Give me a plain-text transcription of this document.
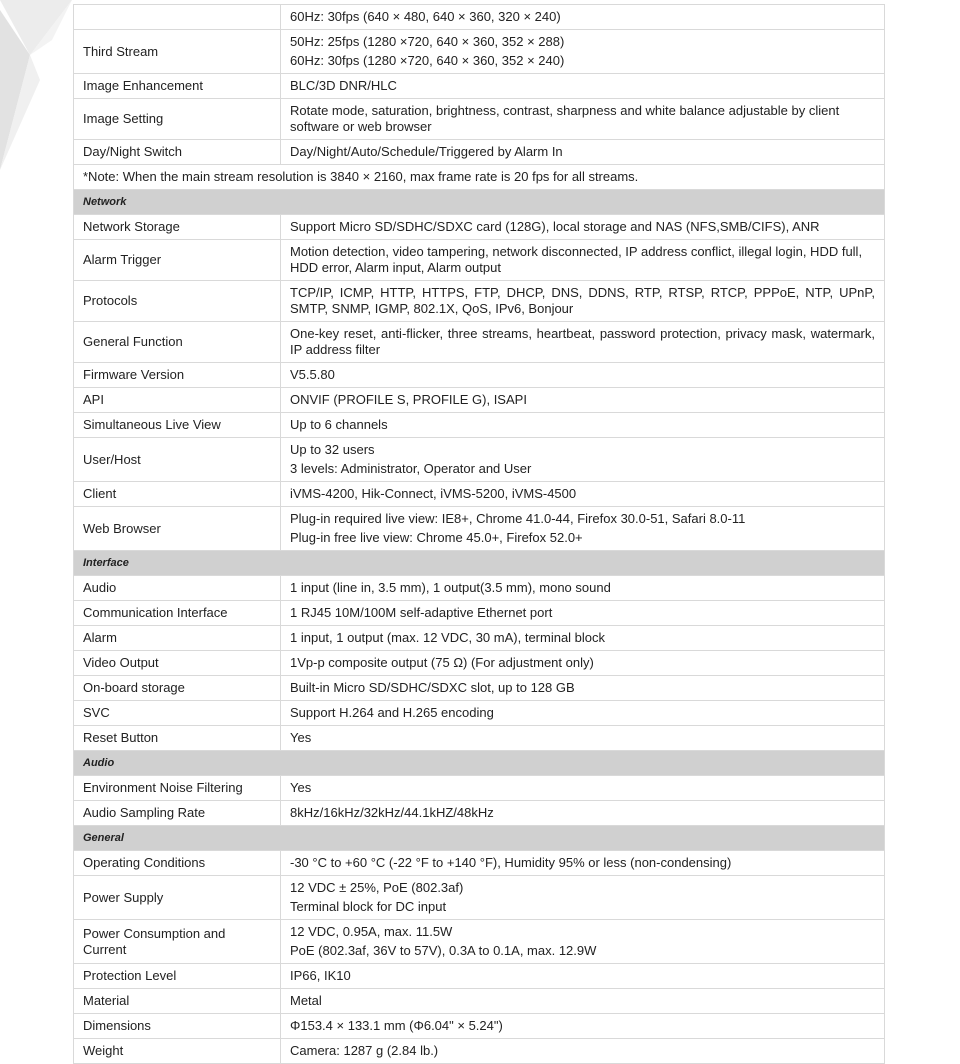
	60Hz: 30fps (640 × 480, 640 × 360, 320 × 240)

Third Stream	50Hz: 25fps (1280 ×720, 640 × 360, 352 × 288)

60Hz: 30fps (1280 ×720, 640 × 360, 352 × 240)

Image Enhancement	BLC/3D DNR/HLC

Image Setting	Rotate mode, saturation, brightness, contrast, sharpness and white balance adjustable by client software or web browser

Day/Night Switch	Day/Night/Auto/Schedule/Triggered by Alarm In

*Note: When the main stream resolution is 3840 × 2160, max frame rate is 20 fps for all streams.	
Network	
Network Storage	Support Micro SD/SDHC/SDXC card (128G), local storage and NAS (NFS,SMB/CIFS), ANR

Alarm Trigger	Motion detection, video tampering, network disconnected, IP address conflict, illegal login, HDD full, HDD error, Alarm input, Alarm output

Protocols	TCP/IP, ICMP, HTTP, HTTPS, FTP, DHCP, DNS, DDNS, RTP, RTSP, RTCP, PPPoE, NTP, UPnP, SMTP, SNMP, IGMP, 802.1X, QoS, IPv6, Bonjour

General Function	One-key reset, anti-flicker, three streams, heartbeat, password protection, privacy mask, watermark, IP address filter

Firmware Version	V5.5.80

API	ONVIF (PROFILE S, PROFILE G), ISAPI

Simultaneous Live View	Up to 6 channels

User/Host	Up to 32 users

3 levels: Administrator, Operator and User

Client	iVMS-4200, Hik-Connect, iVMS-5200, iVMS-4500

Web Browser	Plug-in required live view: IE8+, Chrome 41.0-44, Firefox 30.0-51, Safari 8.0-11

Plug-in free live view: Chrome 45.0+, Firefox 52.0+

Interface	
Audio	1 input (line in, 3.5 mm), 1 output(3.5 mm), mono sound

Communication Interface	1 RJ45 10M/100M self-adaptive Ethernet port

Alarm	1 input, 1 output (max. 12 VDC, 30 mA), terminal block

Video Output	1Vp-p composite output (75 Ω) (For adjustment only)

On-board storage	Built-in Micro SD/SDHC/SDXC slot, up to 128 GB

SVC	Support H.264 and H.265 encoding

Reset Button	Yes

Audio	
Environment Noise Filtering	Yes

Audio Sampling Rate	8kHz/16kHz/32kHz/44.1kHZ/48kHz

General	
Operating Conditions	-30 °C to +60 °C (-22 °F to +140 °F), Humidity 95% or less (non-condensing)

Power Supply	12 VDC ± 25%, PoE (802.3af)

Terminal block for DC input

Power Consumption and Current	12 VDC, 0.95A, max. 11.5W

PoE (802.3af, 36V to 57V), 0.3A to 0.1A, max. 12.9W

Protection Level	IP66, IK10

Material	Metal

Dimensions	Φ153.4 × 133.1 mm (Φ6.04" × 5.24")

Weight	Camera: 1287 g (2.84 lb.)
